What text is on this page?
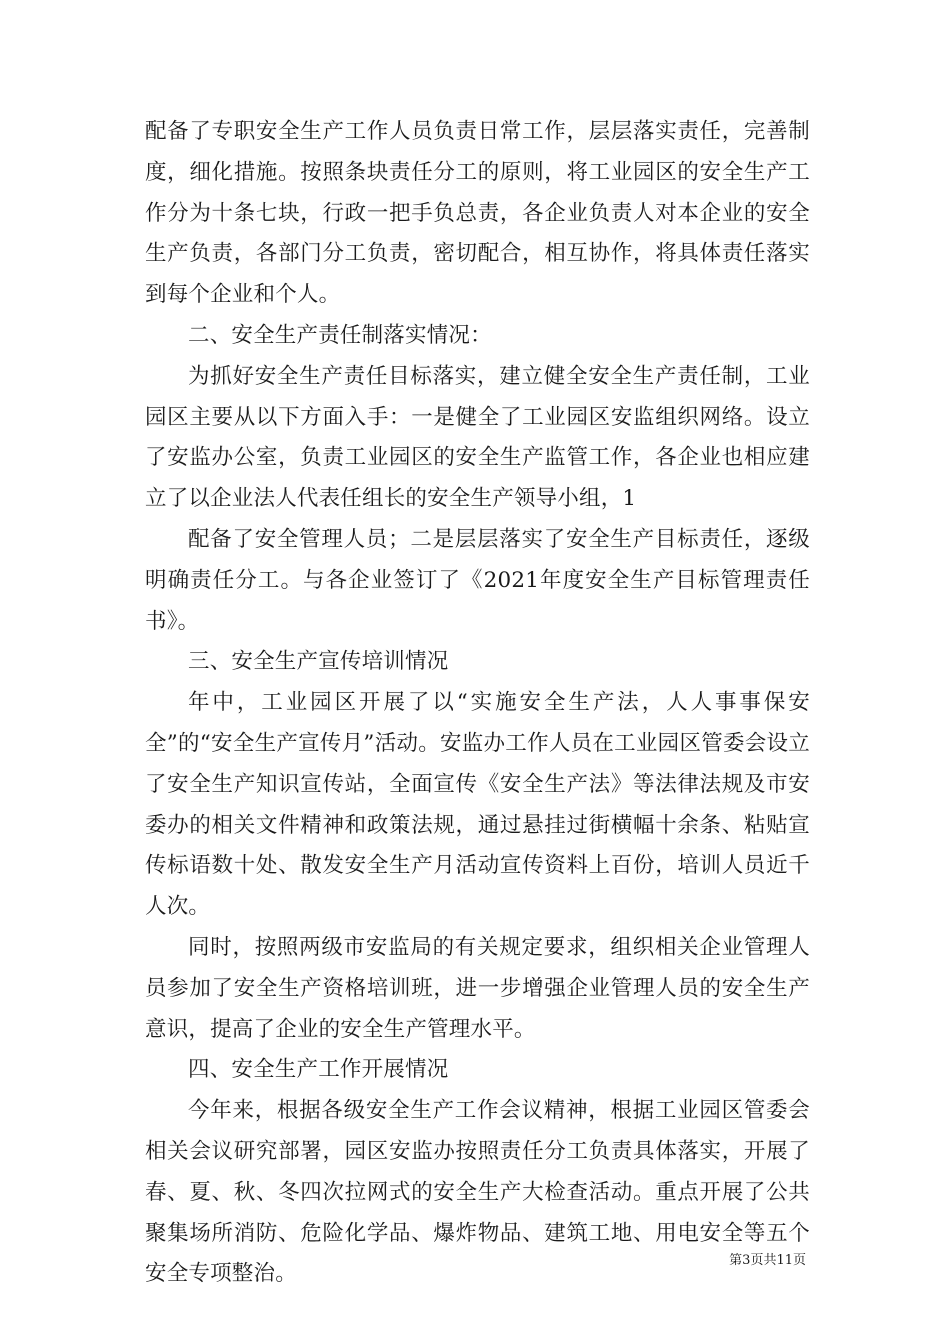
配备了专职安全生产工作人员负责日常工作，层层落实责任，完善制度，细化措施。按照条块责任分工的原则，将工业园区的安全生产工作分为十条七块，行政一把手负总责，各企业负责人对本企业的安全生产负责，各部门分工负责，密切配合，相互协作，将具体责任落实到每个企业和个人。

二、安全生产责任制落实情况：

为抓好安全生产责任目标落实，建立健全安全生产责任制，工业园区主要从以下方面入手：一是健全了工业园区安监组织网络。设立了安监办公室，负责工业园区的安全生产监管工作，各企业也相应建立了以企业法人代表任组长的安全生产领导小组，1

配备了安全管理人员；二是层层落实了安全生产目标责任，逐级明确责任分工。与各企业签订了《2021年度安全生产目标管理责任书》。

三、安全生产宣传培训情况

年中，工业园区开展了以“实施安全生产法，人人事事保安全”的“安全生产宣传月”活动。安监办工作人员在工业园区管委会设立了安全生产知识宣传站，全面宣传《安全生产法》等法律法规及市安委办的相关文件精神和政策法规，通过悬挂过街横幅十余条、粘贴宣传标语数十处、散发安全生产月活动宣传资料上百份，培训人员近千人次。

同时，按照两级市安监局的有关规定要求，组织相关企业管理人员参加了安全生产资格培训班，进一步增强企业管理人员的安全生产意识，提高了企业的安全生产管理水平。

四、安全生产工作开展情况

今年来，根据各级安全生产工作会议精神，根据工业园区管委会相关会议研究部署，园区安监办按照责任分工负责具体落实，开展了春、夏、秋、冬四次拉网式的安全生产大检查活动。重点开展了公共聚集场所消防、危险化学品、爆炸物品、建筑工地、用电安全等五个安全专项整治。

第3页共11页
